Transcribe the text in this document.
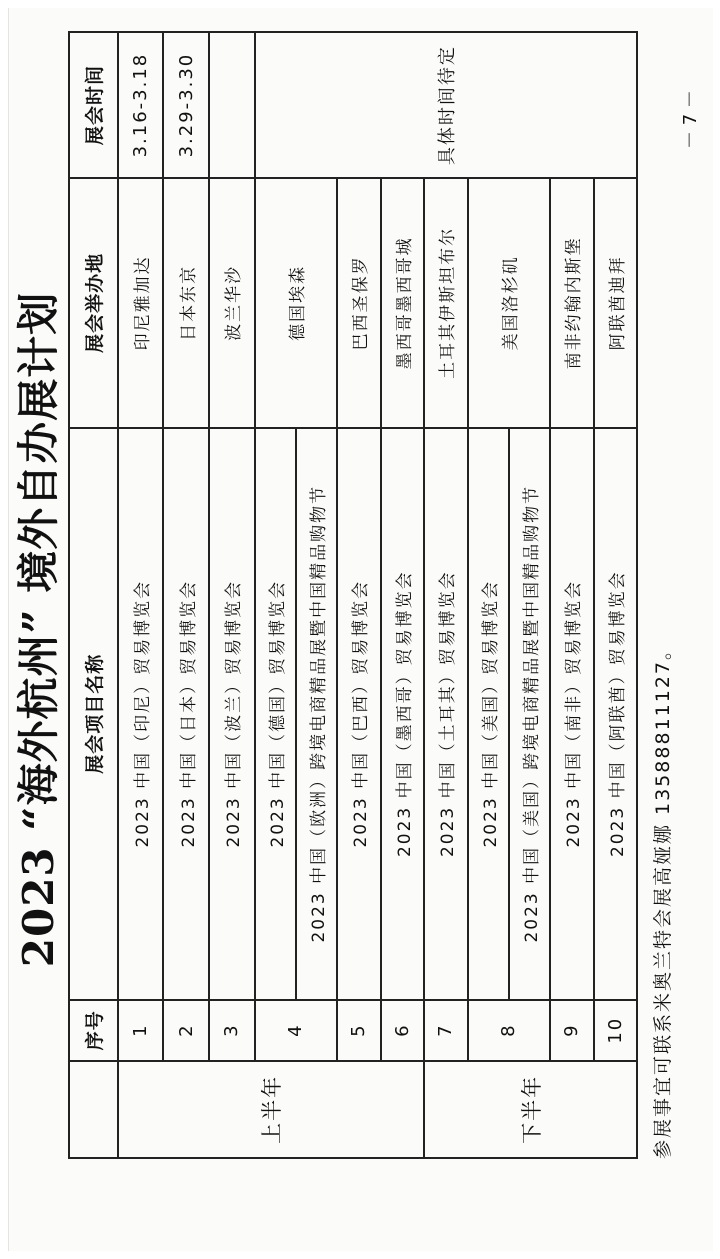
2023 “海外杭州” 境外自办展计划
	序号	展会项目名称	展会举办地	展会时间
上半年	1	2023 中国（印尼）贸易博览会	印尼雅加达	3.16-3.18
	2	2023 中国（日本）贸易博览会	日本东京	3.29-3.30
	3	2023 中国（波兰）贸易博览会	波兰华沙	
	4	2023 中国（德国）贸易博览会	德国埃森	具体时间待定
		2023 中国（欧洲）跨境电商精品展暨中国精品购物节		
	5	2023 中国（巴西）贸易博览会	巴西圣保罗	
	6	2023 中国（墨西哥）贸易博览会	墨西哥墨西哥城	
下半年	7	2023 中国（土耳其）贸易博览会	土耳其伊斯坦布尔	
	8	2023 中国（美国）贸易博览会	美国洛杉矶	
		2023 中国（美国）跨境电商精品展暨中国精品购物节		
	9	2023 中国（南非）贸易博览会	南非约翰内斯堡	
	10	2023 中国（阿联酋）贸易博览会	阿联酋迪拜	
参展事宜可联系米奥兰特会展高娅娜 13588811127。
－ 7 －
